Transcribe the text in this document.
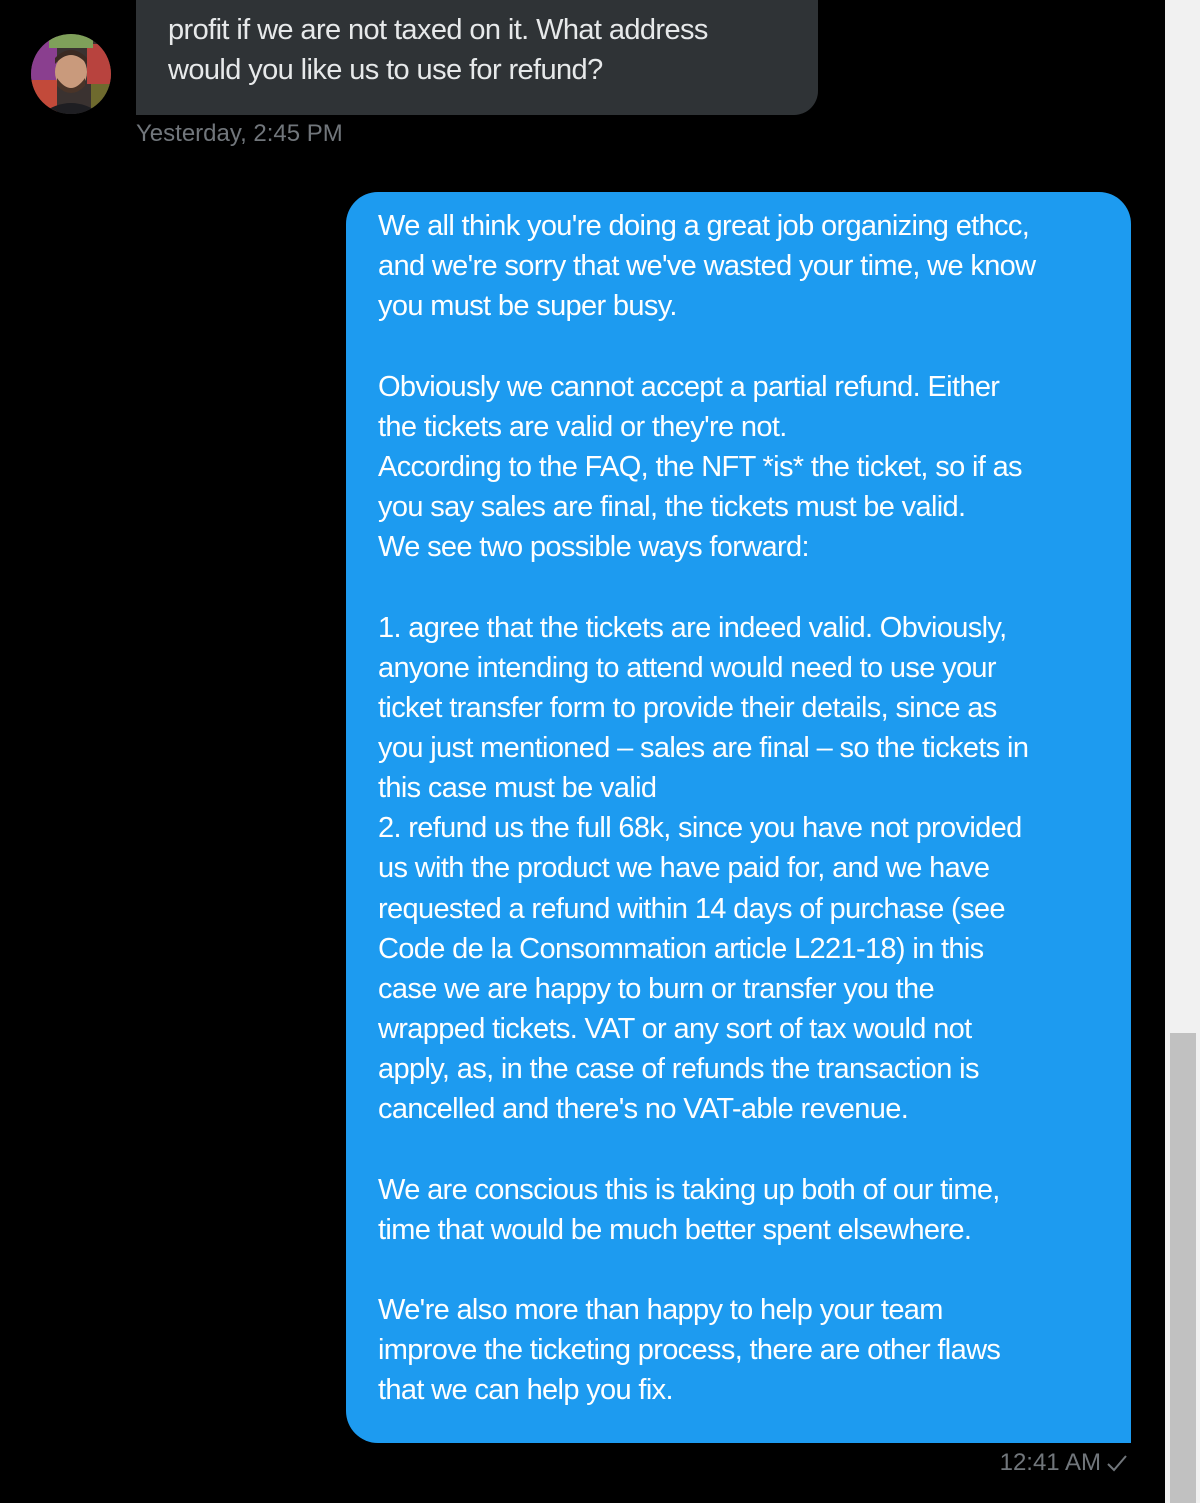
profit if we are not taxed on it. What address

would you like us to use for refund?

Yesterday, 2:45 PM

We all think you're doing a great job organizing ethcc,

and we're sorry that we've wasted your time, we know

you must be super busy.

Obviously we cannot accept a partial refund. Either

the tickets are valid or they're not.

According to the FAQ, the NFT *is* the ticket, so if as

you say sales are final, the tickets must be valid.

We see two possible ways forward:

1. agree that the tickets are indeed valid. Obviously,

anyone intending to attend would need to use your

ticket transfer form to provide their details, since as

you just mentioned – sales are final – so the tickets in

this case must be valid

2. refund us the full 68k, since you have not provided

us with the product we have paid for, and we have

requested a refund within 14 days of purchase (see

Code de la Consommation article L221-18) in this

case we are happy to burn or transfer you the

wrapped tickets. VAT or any sort of tax would not

apply, as, in the case of refunds the transaction is

cancelled and there's no VAT-able revenue.

We are conscious this is taking up both of our time,

time that would be much better spent elsewhere.

We're also more than happy to help your team

improve the ticketing process, there are other flaws

that we can help you fix.

12:41 AM
